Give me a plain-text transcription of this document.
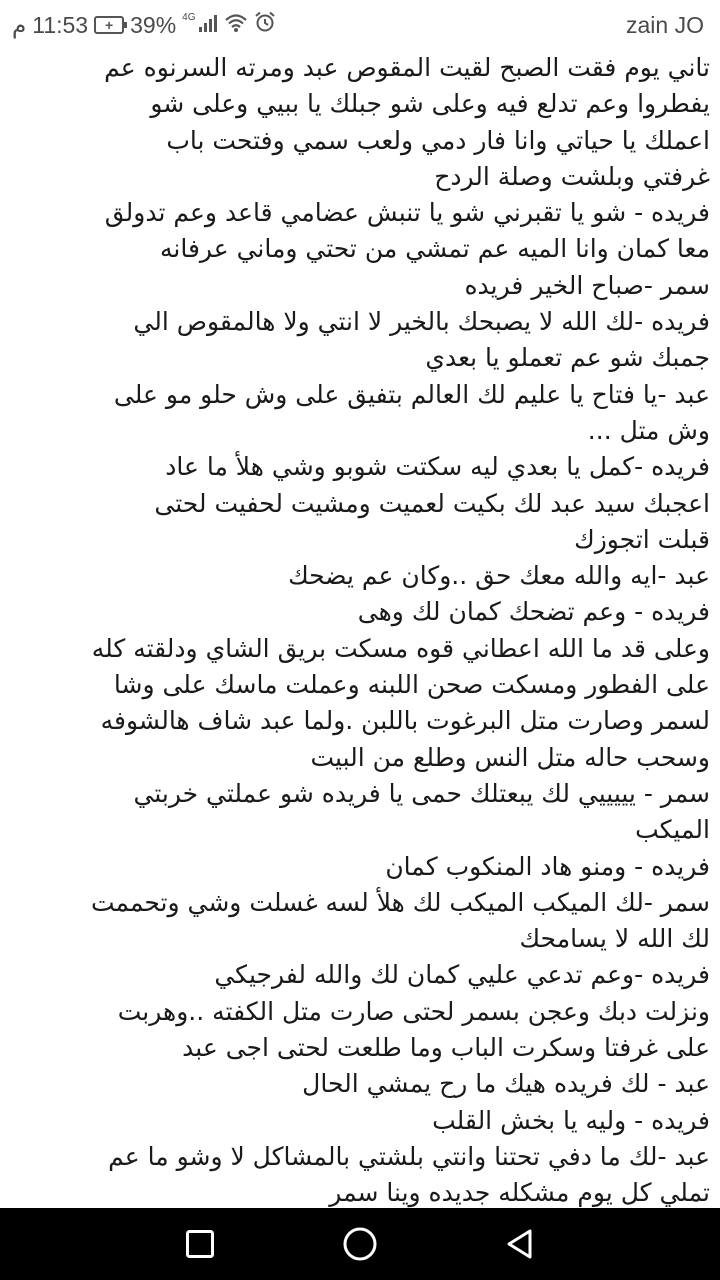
م 11:53	+ 39% 4G	zain JO
تاني يوم فقت الصبح لقيت المقوص عبد ومرته السرنوه عم
يفطروا وعم تدلع فيه وعلى شو جبلك يا ببيي وعلى شو
اعملك يا حياتي وانا فار دمي ولعب سمي وفتحت باب
غرفتي وبلشت وصلة الردح
فريده - شو يا تقبرني شو يا تنبش عضامي قاعد وعم تدولق
معا كمان وانا الميه عم تمشي من تحتي وماني عرفانه
سمر -صباح الخير فريده
فريده -لك الله لا يصبحك بالخير لا انتي ولا هالمقوص الي
جمبك شو عم تعملو يا بعدي
عبد -يا فتاح يا عليم لك العالم بتفيق على وش حلو مو على
وش متل ...
فريده -كمل يا بعدي ليه سكتت شوبو وشي هلأ ما عاد
اعجبك سيد عبد لك بكيت لعميت ومشيت لحفيت لحتى
قبلت اتجوزك
عبد -ايه والله معك حق ..وكان عم يضحك
فريده - وعم تضحك كمان لك وهى
وعلى قد ما الله اعطاني قوه مسكت بريق الشاي ودلقته كله
على الفطور ومسكت صحن اللبنه وعملت ماسك على وشا
لسمر وصارت متل البرغوت باللبن .ولما عبد شاف هالشوفه
وسحب حاله متل النس وطلع من البيت
سمر - يييييي لك يبعتلك حمى يا فريده شو عملتي خربتي
الميكب
فريده - ومنو هاد المنكوب كمان
سمر -لك الميكب الميكب لك هلأ لسه غسلت وشي وتحممت
لك الله لا يسامحك
فريده -وعم تدعي عليي كمان لك والله لفرجيكي
ونزلت دبك وعجن بسمر لحتى صارت متل الكفته ..وهربت
على غرفتا وسكرت الباب وما طلعت لحتى اجى عبد
عبد - لك فريده هيك ما رح يمشي الحال
فريده - وليه يا بخش القلب
عبد -لك ما دفي تحتنا وانتي بلشتي بالمشاكل لا وشو ما عم
تملي كل يوم مشكله جديده وينا سمر
